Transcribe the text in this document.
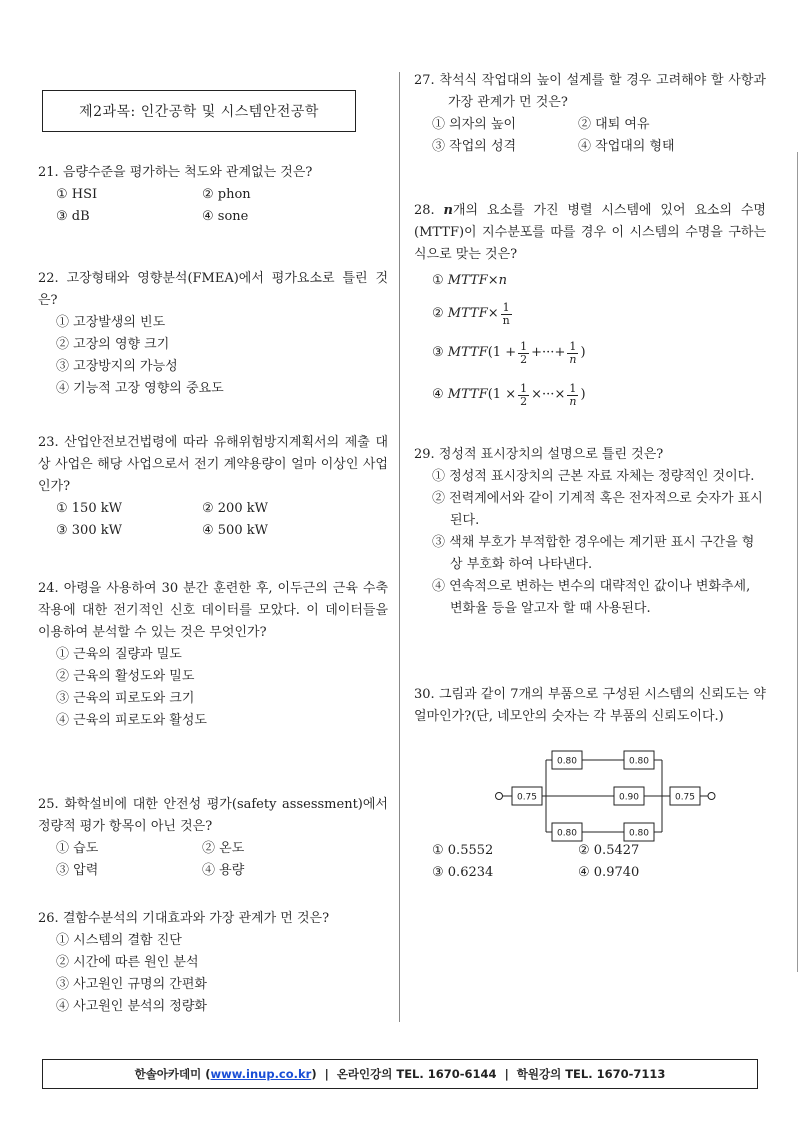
제2과목: 인간공학 및 시스템안전공학
21. 음량수준을 평가하는 척도와 관계없는 것은?
① HSI	② phon
③ dB	④ sone
22. 고장형태와 영향분석(FMEA)에서 평가요소로 틀린 것은?
① 고장발생의 빈도
② 고장의 영향 크기
③ 고장방지의 가능성
④ 기능적 고장 영향의 중요도
23. 산업안전보건법령에 따라 유해위험방지계획서의 제출 대상 사업은 해당 사업으로서 전기 계약용량이 얼마 이상인 사업인가?
① 150 kW	② 200 kW
③ 300 kW	④ 500 kW
24. 아령을 사용하여 30 분간 훈련한 후, 이두근의 근육 수축작용에 대한 전기적인 신호 데이터를 모았다. 이 데이터들을 이용하여 분석할 수 있는 것은 무엇인가?
① 근육의 질량과 밀도
② 근육의 활성도와 밀도
③ 근육의 피로도와 크기
④ 근육의 피로도와 활성도
25. 화학설비에 대한 안전성 평가(safety assessment)에서 정량적 평가 항목이 아닌 것은?
① 습도	② 온도
③ 압력	④ 용량
26. 결함수분석의 기대효과와 가장 관계가 먼 것은?
① 시스템의 결함 진단
② 시간에 따른 원인 분석
③ 사고원인 규명의 간편화
④ 사고원인 분석의 정량화
27. 착석식 작업대의 높이 설계를 할 경우 고려해야 할 사항과 가장 관계가 먼 것은?
① 의자의 높이	② 대퇴 여유
③ 작업의 성격	④ 작업대의 형태
28. n개의 요소를 가진 병렬 시스템에 있어 요소의 수명(MTTF)이 지수분포를 따를 경우 이 시스템의 수명을 구하는 식으로 맞는 것은?
①
MTTF × n
②
MTTF × $\frac{1}{n}$
③
MTTF ( 1
+ $\frac{1}{2}$ + ··· + $\frac{1}{n}$ )
④
MTTF ( 1
× $\frac{1}{2}$ × ··· × $\frac{1}{n}$ )
29. 정성적 표시장치의 설명으로 틀린 것은?
① 정성적 표시장치의 근본 자료 자체는 정량적인 것이다.
② 전력계에서와 같이 기계적 혹은 전자적으로 숫자가 표시된다.
③ 색채 부호가 부적합한 경우에는 계기판 표시 구간을 형상 부호화 하여 나타낸다.
④ 연속적으로 변하는 변수의 대략적인 값이나 변화추세, 변화율 등을 알고자 할 때 사용된다.
30. 그림과 같이 7개의 부품으로 구성된 시스템의 신뢰도는 약 얼마인가?(단, 네모안의 숫자는 각 부품의 신뢰도이다.)
0.75
0.80	0.80
0.90
0.80	0.80
0.75
① 0.5552	② 0.5427
③ 0.6234	④ 0.9740
한솔아카데미 ( www.inup.co.kr ) | 온라인강의 TEL. 1670-6144 | 학원강의 TEL. 1670-7113
